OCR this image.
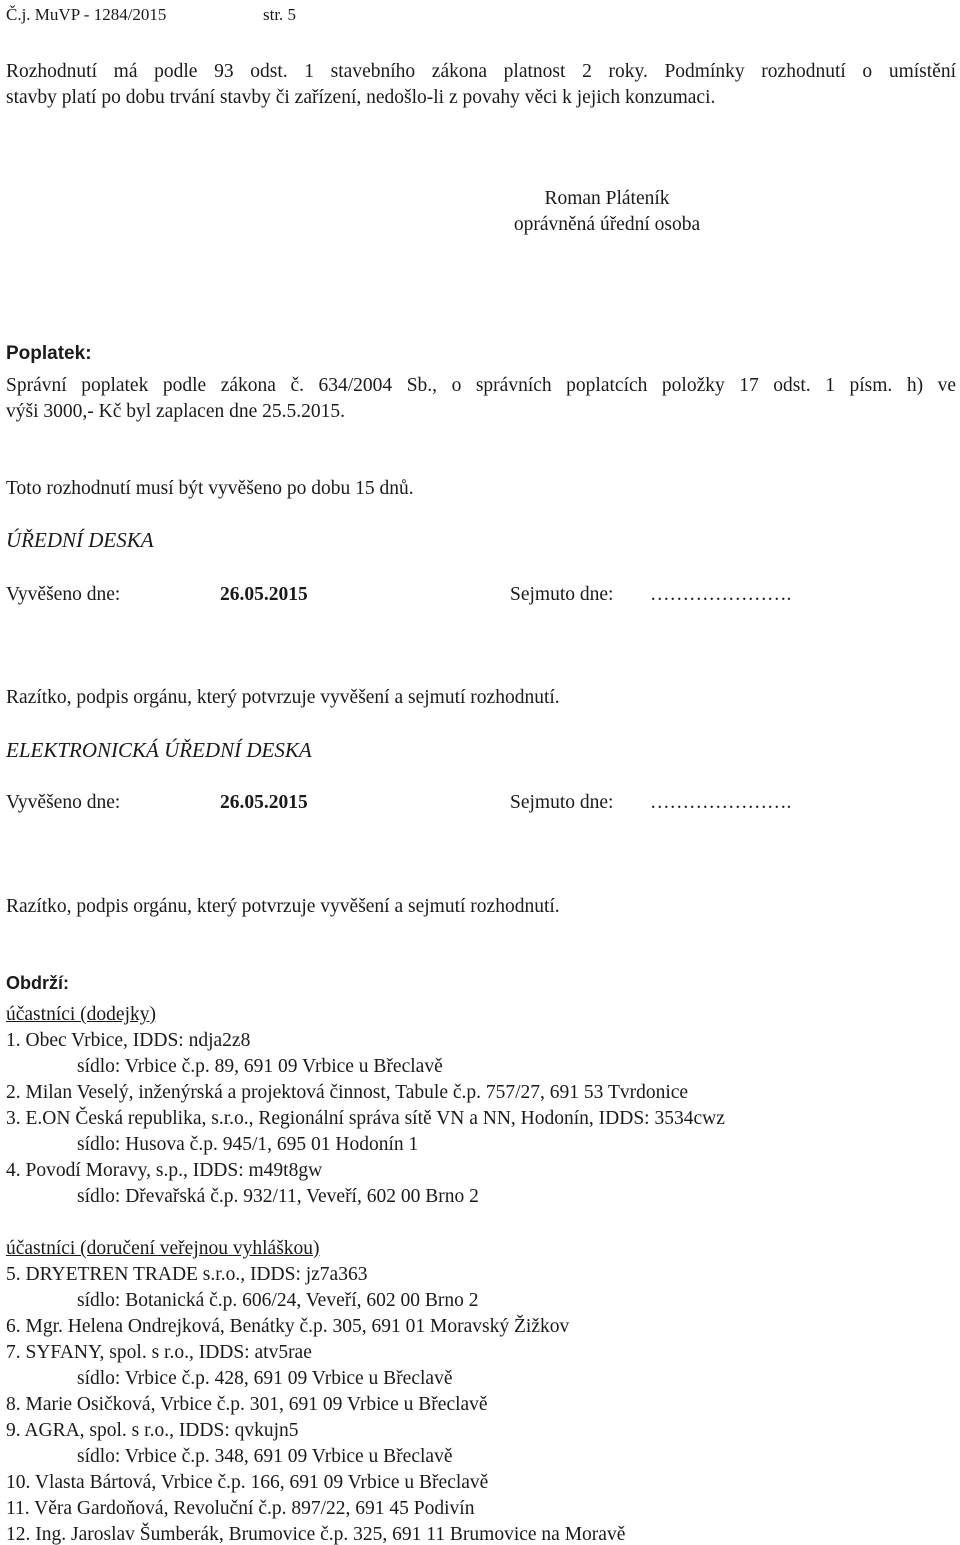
Č.j. MuVP - 1284/2015	str. 5

Rozhodnutí má podle 93 odst. 1 stavebního zákona platnost 2 roky. Podmínky rozhodnutí o umístění

stavby platí po dobu trvání stavby či zařízení, nedošlo-li z povahy věci k jejich konzumaci.

Roman Pláteník

oprávněná úřední osoba

Poplatek:

Správní poplatek podle zákona č. 634/2004 Sb., o správních poplatcích položky 17 odst. 1 písm. h) ve

výši 3000,- Kč byl zaplacen dne 25.5.2015.

Toto rozhodnutí musí být vyvěšeno po dobu 15 dnů.

ÚŘEDNÍ DESKA

Vyvěšeno dne:	26.05.2015	Sejmuto dne: ………………….

Razítko, podpis orgánu, který potvrzuje vyvěšení a sejmutí rozhodnutí.

ELEKTRONICKÁ ÚŘEDNÍ DESKA

Vyvěšeno dne:	26.05.2015	Sejmuto dne: ………………….

Razítko, podpis orgánu, který potvrzuje vyvěšení a sejmutí rozhodnutí.

Obdrží:

účastníci (dodejky)

1. Obec Vrbice, IDDS: ndja2z8

sídlo: Vrbice č.p. 89, 691 09 Vrbice u Břeclavě

2. Milan Veselý, inženýrská a projektová činnost, Tabule č.p. 757/27, 691 53 Tvrdonice

3. E.ON Česká republika, s.r.o., Regionální správa sítě VN a NN, Hodonín, IDDS: 3534cwz

sídlo: Husova č.p. 945/1, 695 01 Hodonín 1

4. Povodí Moravy, s.p., IDDS: m49t8gw

sídlo: Dřevařská č.p. 932/11, Veveří, 602 00 Brno 2

účastníci (doručení veřejnou vyhláškou)

5. DRYETREN TRADE s.r.o., IDDS: jz7a363

sídlo: Botanická č.p. 606/24, Veveří, 602 00 Brno 2

6. Mgr. Helena Ondrejková, Benátky č.p. 305, 691 01 Moravský Žižkov

7. SYFANY, spol. s r.o., IDDS: atv5rae

sídlo: Vrbice č.p. 428, 691 09 Vrbice u Břeclavě

8. Marie Osičková, Vrbice č.p. 301, 691 09 Vrbice u Břeclavě

9. AGRA, spol. s r.o., IDDS: qvkujn5

sídlo: Vrbice č.p. 348, 691 09 Vrbice u Břeclavě

10. Vlasta Bártová, Vrbice č.p. 166, 691 09 Vrbice u Břeclavě

11. Věra Gardoňová, Revoluční č.p. 897/22, 691 45 Podivín

12. Ing. Jaroslav Šumberák, Brumovice č.p. 325, 691 11 Brumovice na Moravě
